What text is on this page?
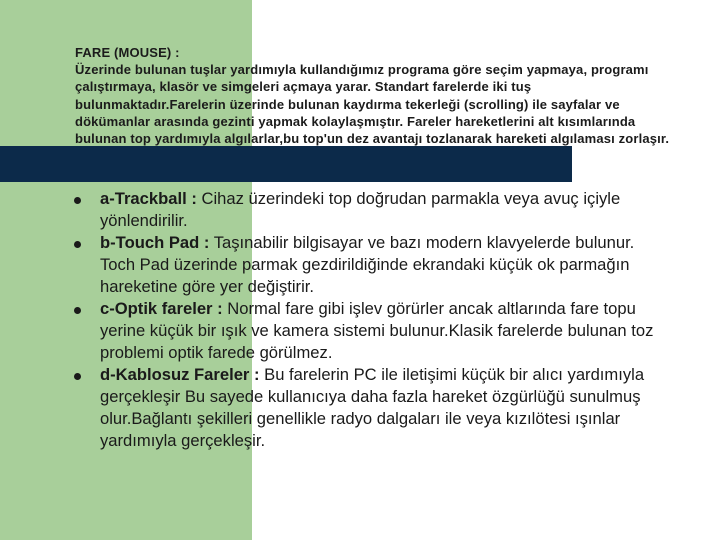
FARE (MOUSE) :
Üzerinde bulunan tuşlar yardımıyla kullandığımız programa göre seçim yapmaya, programı çalıştırmaya, klasör ve simgeleri açmaya yarar. Standart farelerde iki tuş bulunmaktadır.Farelerin üzerinde bulunan kaydırma tekerleği (scrolling) ile sayfalar ve dökümanlar arasında gezinti yapmak kolaylaşmıştır. Fareler hareketlerini alt kısımlarında bulunan top yardımıyla algılarlar,bu top'un dez avantajı tozlanarak hareketi algılaması zorlaşır.
a-Trackball : Cihaz üzerindeki top doğrudan parmakla veya avuç içiyle yönlendirilir.
b-Touch Pad : Taşınabilir bilgisayar ve bazı modern klavyelerde bulunur. Toch Pad üzerinde parmak gezdirildiğinde ekrandaki küçük ok parmağın hareketine göre yer değiştirir.
c-Optik fareler : Normal fare gibi işlev görürler ancak altlarında fare topu yerine küçük bir ışık ve kamera sistemi bulunur.Klasik farelerde bulunan toz problemi optik farede görülmez.
d-Kablosuz Fareler : Bu farelerin PC ile iletişimi küçük bir alıcı yardımıyla gerçekleşir Bu sayede kullanıcıya daha fazla hareket özgürlüğü sunulmuş olur.Bağlantı şekilleri genellikle radyo dalgaları ile veya kızılötesi ışınlar yardımıyla gerçekleşir.
